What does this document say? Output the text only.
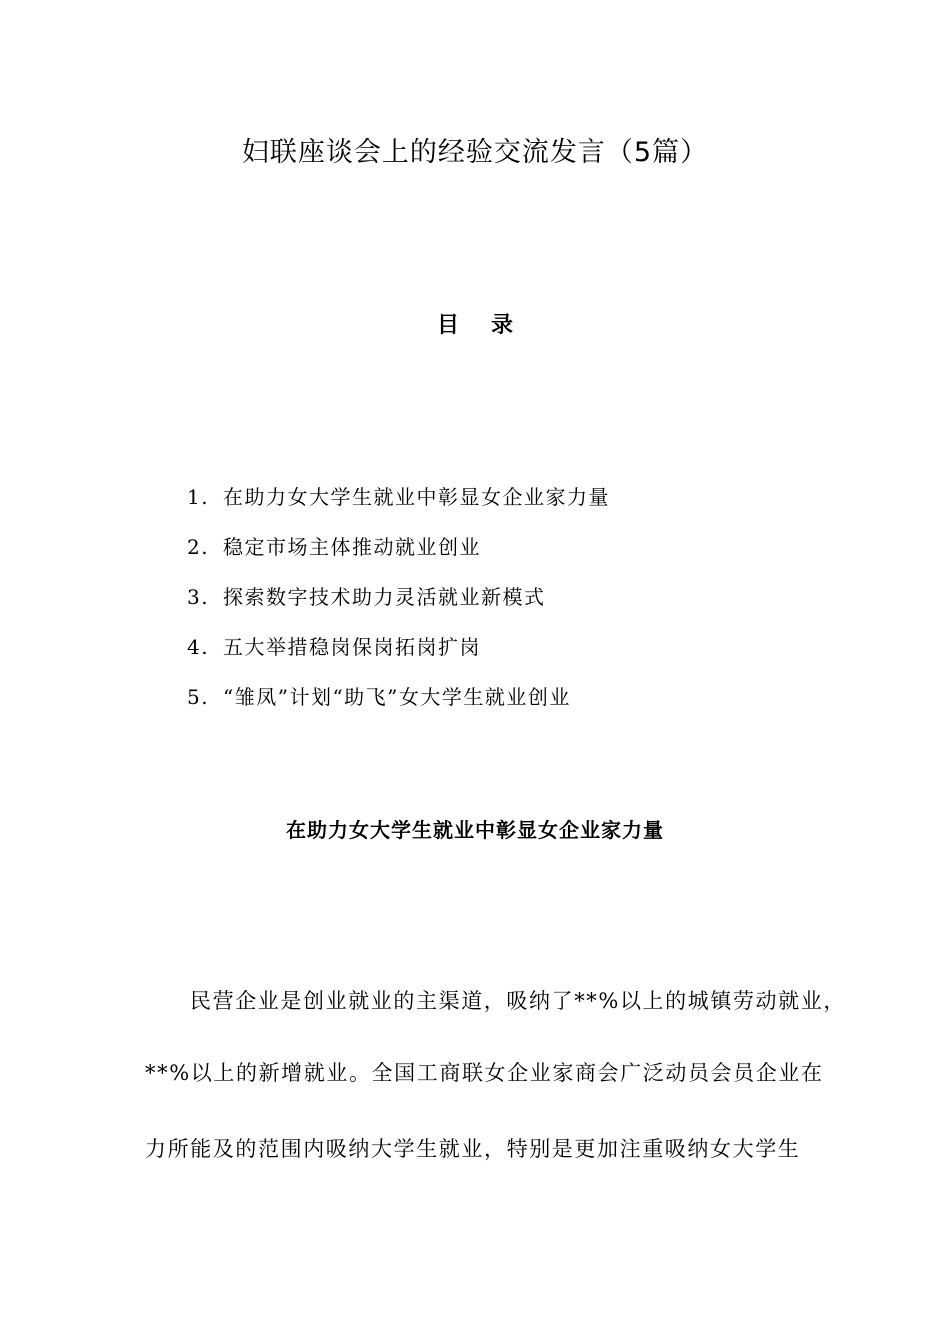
妇联座谈会上的经验交流发言（5篇）
目录
1. 在助力女大学生就业中彰显女企业家力量
2. 稳定市场主体推动就业创业
3. 探索数字技术助力灵活就业新模式
4. 五大举措稳岗保岗拓岗扩岗
5. “雏凤”计划“助飞”女大学生就业创业
在助力女大学生就业中彰显女企业家力量

民营企业是创业就业的主渠道，吸纳了**%以上的城镇劳动就业，

**%以上的新增就业。全国工商联女企业家商会广泛动员会员企业在

力所能及的范围内吸纳大学生就业，特别是更加注重吸纳女大学生
